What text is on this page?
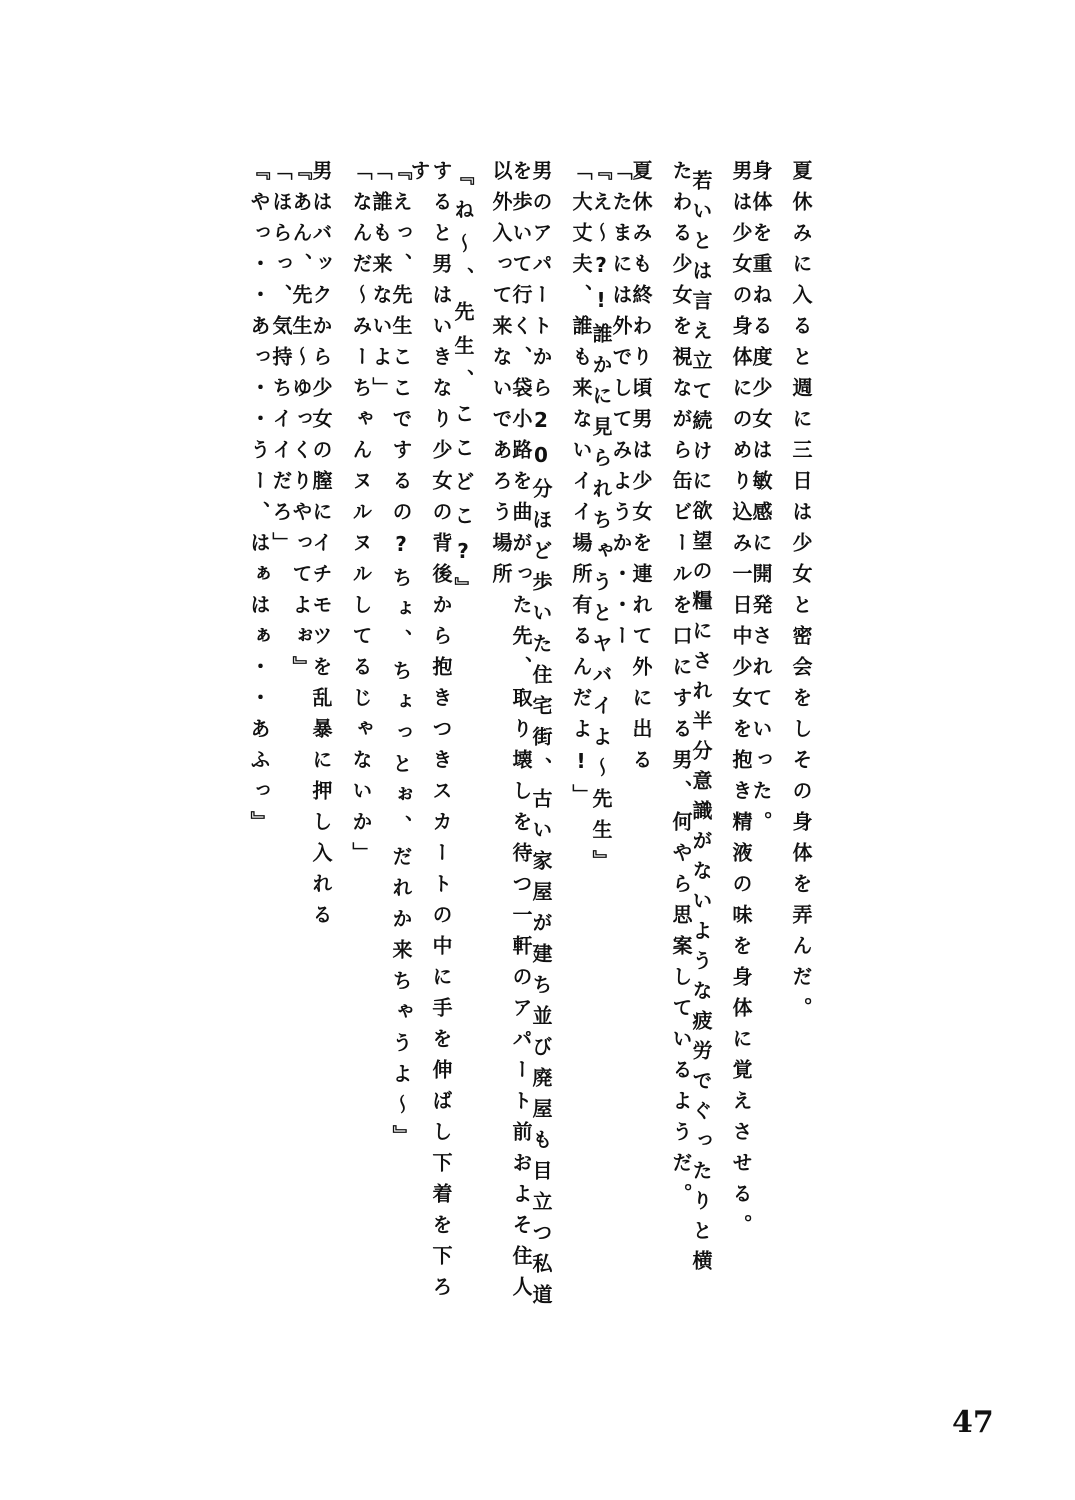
夏休みに入ると週に三日は少女と密会をしその身体を弄んだ。
身体を重ねる度少女は敏感に開発されていった。
男は少女の身体にのめり込み一日中少女を抱き精液の味を身体に覚えさせる。
若いとは言え立て続けに欲望の糧にされ半分意識がないような疲労でぐったりと横
たわる少女を視ながら缶ビールを口にする男、何やら思案しているようだ。
夏休みも終わり頃男は少女を連れて外に出る
﹁たまには外でしてみようか・・ー
﹃え〜?!誰かに見られちゃうとヤバイよ〜先生﹄
﹁大丈夫、誰も来ないイイ場所有るんだよ!﹂
男のアパートから20分ほど歩いた住宅街、古い家屋が建ち並び廃屋も目立つ私道
を歩いて行く、袋小路を曲がった先、取り壊しを待つ一軒のアパート前およそ住人
以外入って来ないであろう場所
﹃ね〜、先生、ここどこ?﹄
すると男はいきなり少女の背後から抱きつきスカートの中に手を伸ばし下着を下ろ
す
﹃えっ、先生ここでするの?ちょ、ちょっとぉ、だれか来ちゃうよ〜﹄
﹁誰も来ないよ﹂
﹁なんだ〜みーちゃんヌルヌルしてるじゃないか﹂
男はバックから少女の膣にイチモツを乱暴に押し入れる
﹃あん、先生〜ゆっくりやってよぉ﹄
﹁ほらっ、気持ちイイだろ﹂
﹃やっ・・あっ・・うー、はぁはぁ・・あふっ﹄
47
